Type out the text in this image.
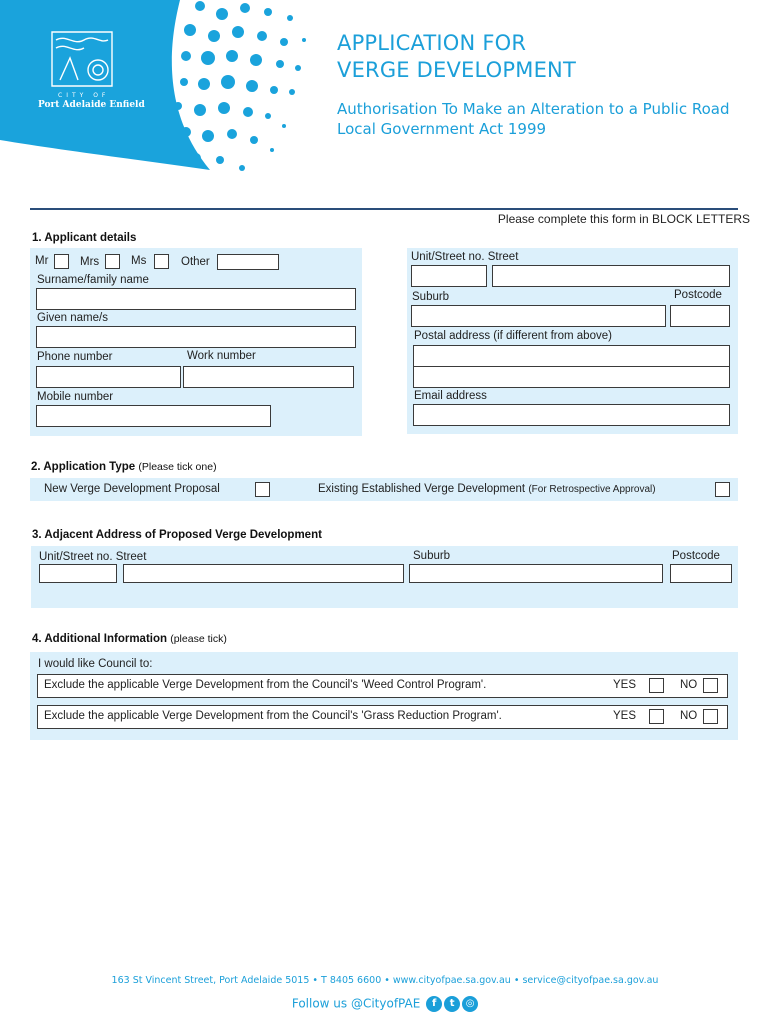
CITY OF
Port Adelaide Enfield
APPLICATION FOR
VERGE DEVELOPMENT
Authorisation To Make an Alteration to a Public Road
Local Government Act 1999
Please complete this form in BLOCK LETTERS
1. Applicant details
Mr	Mrs	Ms	Other
Surname/family name
Given name/s
Phone number	Work number
Mobile number
Unit/Street no. Street
Suburb	Postcode
Postal address (if different from above)
Email address
2. Application Type (Please tick one)
New Verge Development Proposal	Existing Established Verge Development (For Retrospective Approval)
3. Adjacent Address of Proposed Verge Development
Unit/Street no. Street	Suburb	Postcode
4. Additional Information (please tick)
I would like Council to:
Exclude the applicable Verge Development from the Council's 'Weed Control Program'.	YES	NO
Exclude the applicable Verge Development from the Council's 'Grass Reduction Program'.	YES	NO
163 St Vincent Street, Port Adelaide 5015 • T 8405 6600 • www.cityofpae.sa.gov.au • service@cityofpae.sa.gov.au
Follow us @CityofPAE f t ◎
